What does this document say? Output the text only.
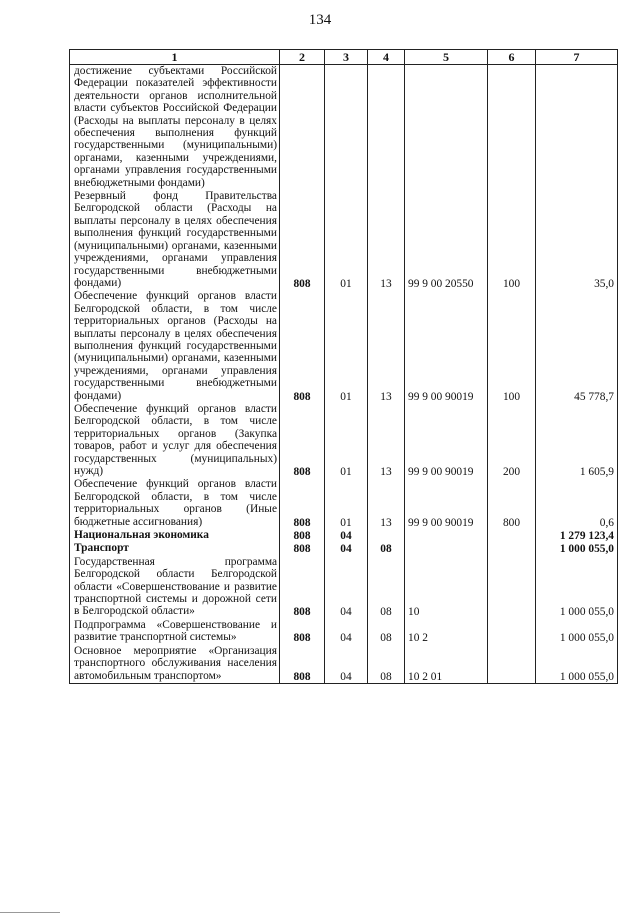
134
1	2	3	4	5	6	7
достижение субъектами Российской Федерации показателей эффективности деятельности органов исполнительной власти субъектов Российской Федерации (Расходы на выплаты персоналу в целях обеспечения выполнения функций государственными (муниципальными) органами, казенными учреждениями, органами управления государственными внебюджетными фондами)						
Резервный фонд Правительства Белгородской области (Расходы на выплаты персоналу в целях обеспечения выполнения функций государственными (муниципальными) органами, казенными учреждениями, органами управления государственными внебюджетными фондами)	808	01	13	99 9 00 20550	100	35,0
Обеспечение функций органов власти Белгородской области, в том числе территориальных органов (Расходы на выплаты персоналу в целях обеспечения выполнения функций государственными (муниципальными) органами, казенными учреждениями, органами управления государственными внебюджетными фондами)	808	01	13	99 9 00 90019	100	45 778,7
Обеспечение функций органов власти Белгородской области, в том числе территориальных органов (Закупка товаров, работ и услуг для обеспечения государственных (муниципальных) нужд)	808	01	13	99 9 00 90019	200	1 605,9
Обеспечение функций органов власти Белгородской области, в том числе территориальных органов (Иные бюджетные ассигнования)	808	01	13	99 9 00 90019	800	0,6
Национальная экономика	808	04				1 279 123,4
Транспорт	808	04	08			1 000 055,0
Государственная программа Белгородской области Белгородской области «Совершенствование и развитие транспортной системы и дорожной сети в Белгородской области»	808	04	08	10		1 000 055,0
Подпрограмма «Совершенствование и развитие транспортной системы»	808	04	08	10 2		1 000 055,0
Основное мероприятие «Организация транспортного обслуживания населения автомобильным транспортом»	808	04	08	10 2 01		1 000 055,0
